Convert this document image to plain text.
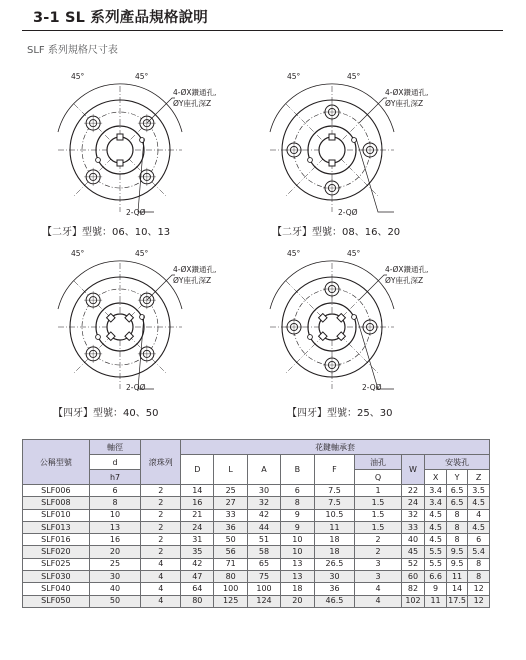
3-1 SL 系列產品規格說明
SLF 系列規格尺寸表
45°	45°
4-ØX鑽通孔,
ØY座孔深Z
2-QØ
【二牙】型號：06、10、13
45°	45°
4-ØX鑽通孔,
ØY座孔深Z
2-QØ
【二牙】型號：08、16、20
45°	45°
4-ØX鑽通孔,
ØY座孔深Z
2-QØ
【四牙】型號：40、50
45°	45°
4-ØX鑽通孔,
ØY座孔深Z
2-QØ
【四牙】型號：25、30
公稱型號	軸徑	滾珠列	花鍵軸承套									
	d		D	L	A	B	F	油孔	W	安裝孔		
	h7							Q		X	Y	Z
SLF006	6	2	14	25	30	6	7.5	1	22	3.4	6.5	3.5
SLF008	8	2	16	27	32	8	7.5	1.5	24	3.4	6.5	4.5
SLF010	10	2	21	33	42	9	10.5	1.5	32	4.5	8	4
SLF013	13	2	24	36	44	9	11	1.5	33	4.5	8	4.5
SLF016	16	2	31	50	51	10	18	2	40	4.5	8	6
SLF020	20	2	35	56	58	10	18	2	45	5.5	9.5	5.4
SLF025	25	4	42	71	65	13	26.5	3	52	5.5	9.5	8
SLF030	30	4	47	80	75	13	30	3	60	6.6	11	8
SLF040	40	4	64	100	100	18	36	4	82	9	14	12
SLF050	50	4	80	125	124	20	46.5	4	102	11	17.5	12
